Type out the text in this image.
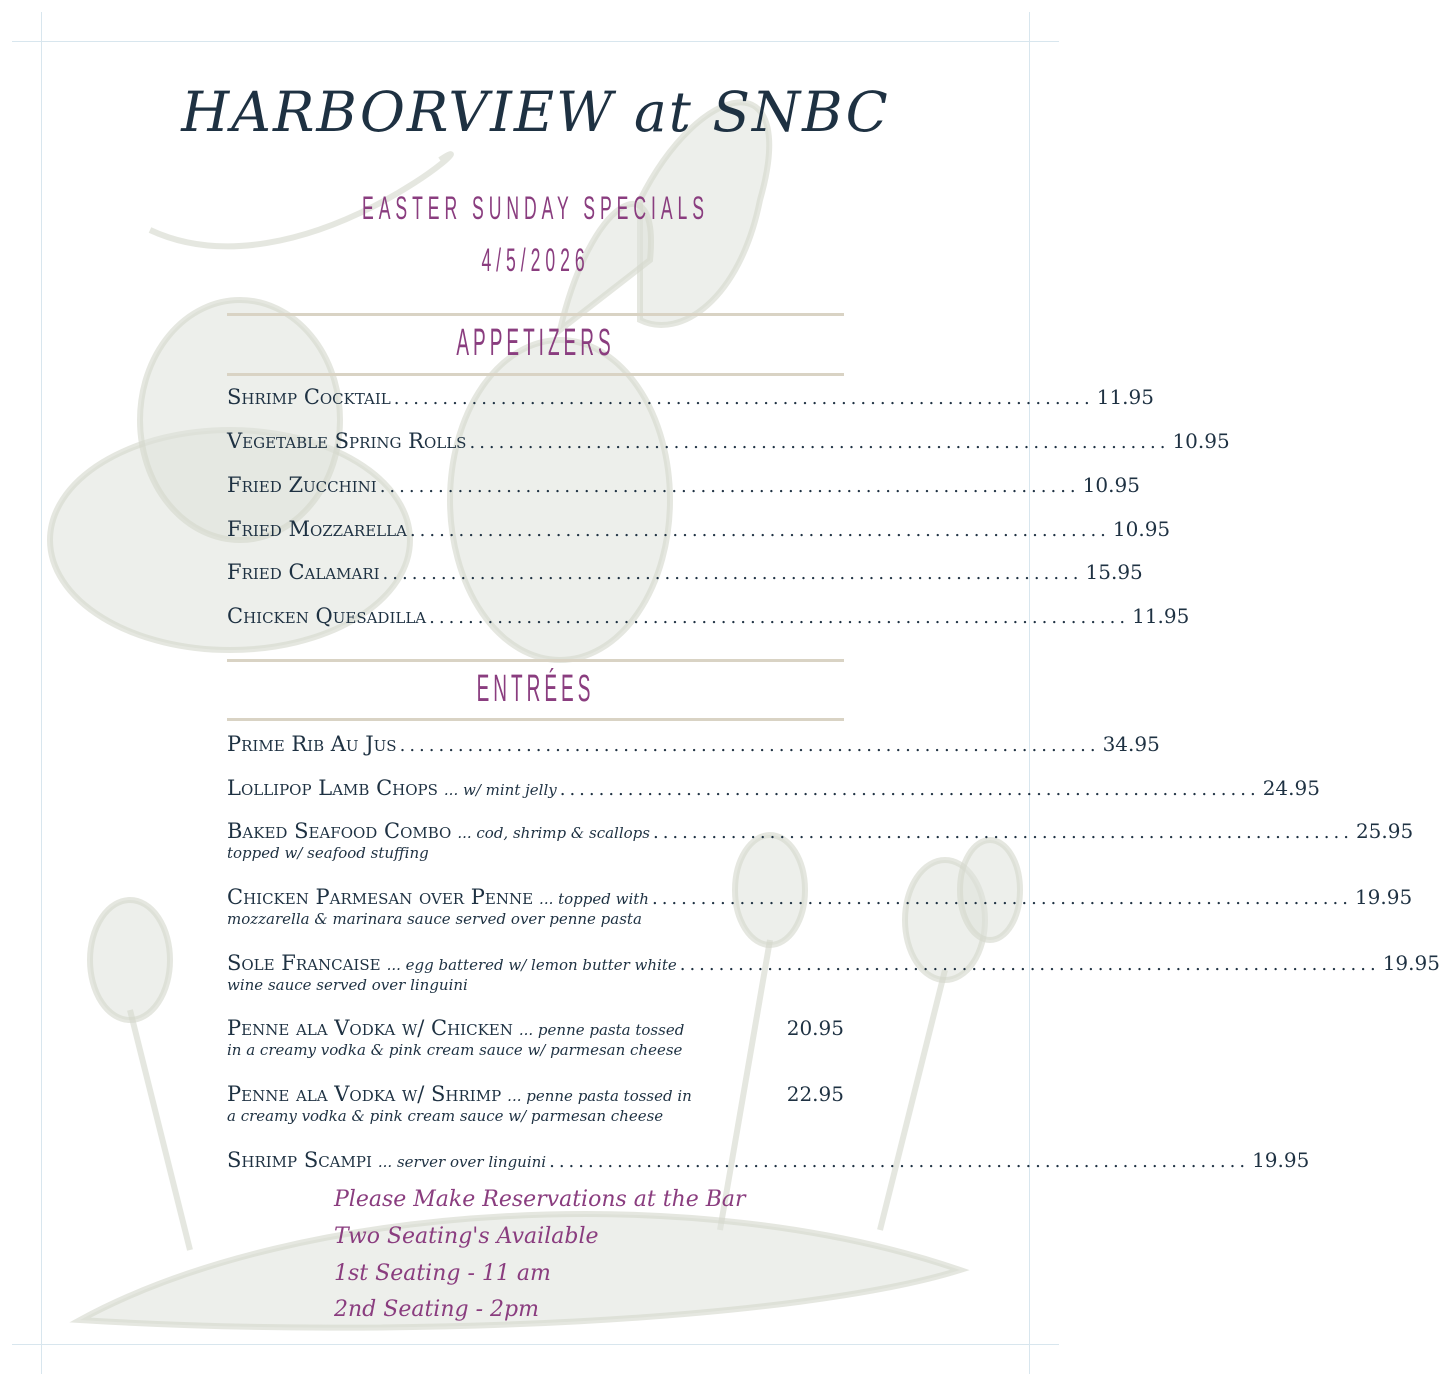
HARBORVIEW at SNBC
EASTER SUNDAY SPECIALS
4/5/2026
APPETIZERS
Shrimp Cocktail ........................................................................ 11.95
Vegetable Spring Rolls ........................................................................ 10.95
Fried Zucchini ........................................................................ 10.95
Fried Mozzarella ........................................................................ 10.95
Fried Calamari ........................................................................ 15.95
Chicken Quesadilla ........................................................................ 11.95
ENTRÉES
Prime Rib Au Jus ........................................................................ 34.95
Lollipop Lamb Chops ... w/ mint jelly ........................................................................ 24.95
Baked Seafood Combo ... cod, shrimp & scallops ........................................................................ 25.95
topped w/ seafood stuffing
Chicken Parmesan over Penne ... topped with ........................................................................ 19.95
mozzarella & marinara sauce served over penne pasta
Sole Francaise ... egg battered w/ lemon butter white ........................................................................ 19.95
wine sauce served over linguini
Penne ala Vodka w/ Chicken ... penne pasta tossed	20.95
in a creamy vodka & pink cream sauce w/ parmesan cheese
Penne ala Vodka w/ Shrimp ... penne pasta tossed in	22.95
a creamy vodka & pink cream sauce w/ parmesan cheese
Shrimp Scampi ... server over linguini ........................................................................ 19.95
Please Make Reservations at the Bar
Two Seating's Available
1st Seating - 11 am
2nd Seating - 2pm
